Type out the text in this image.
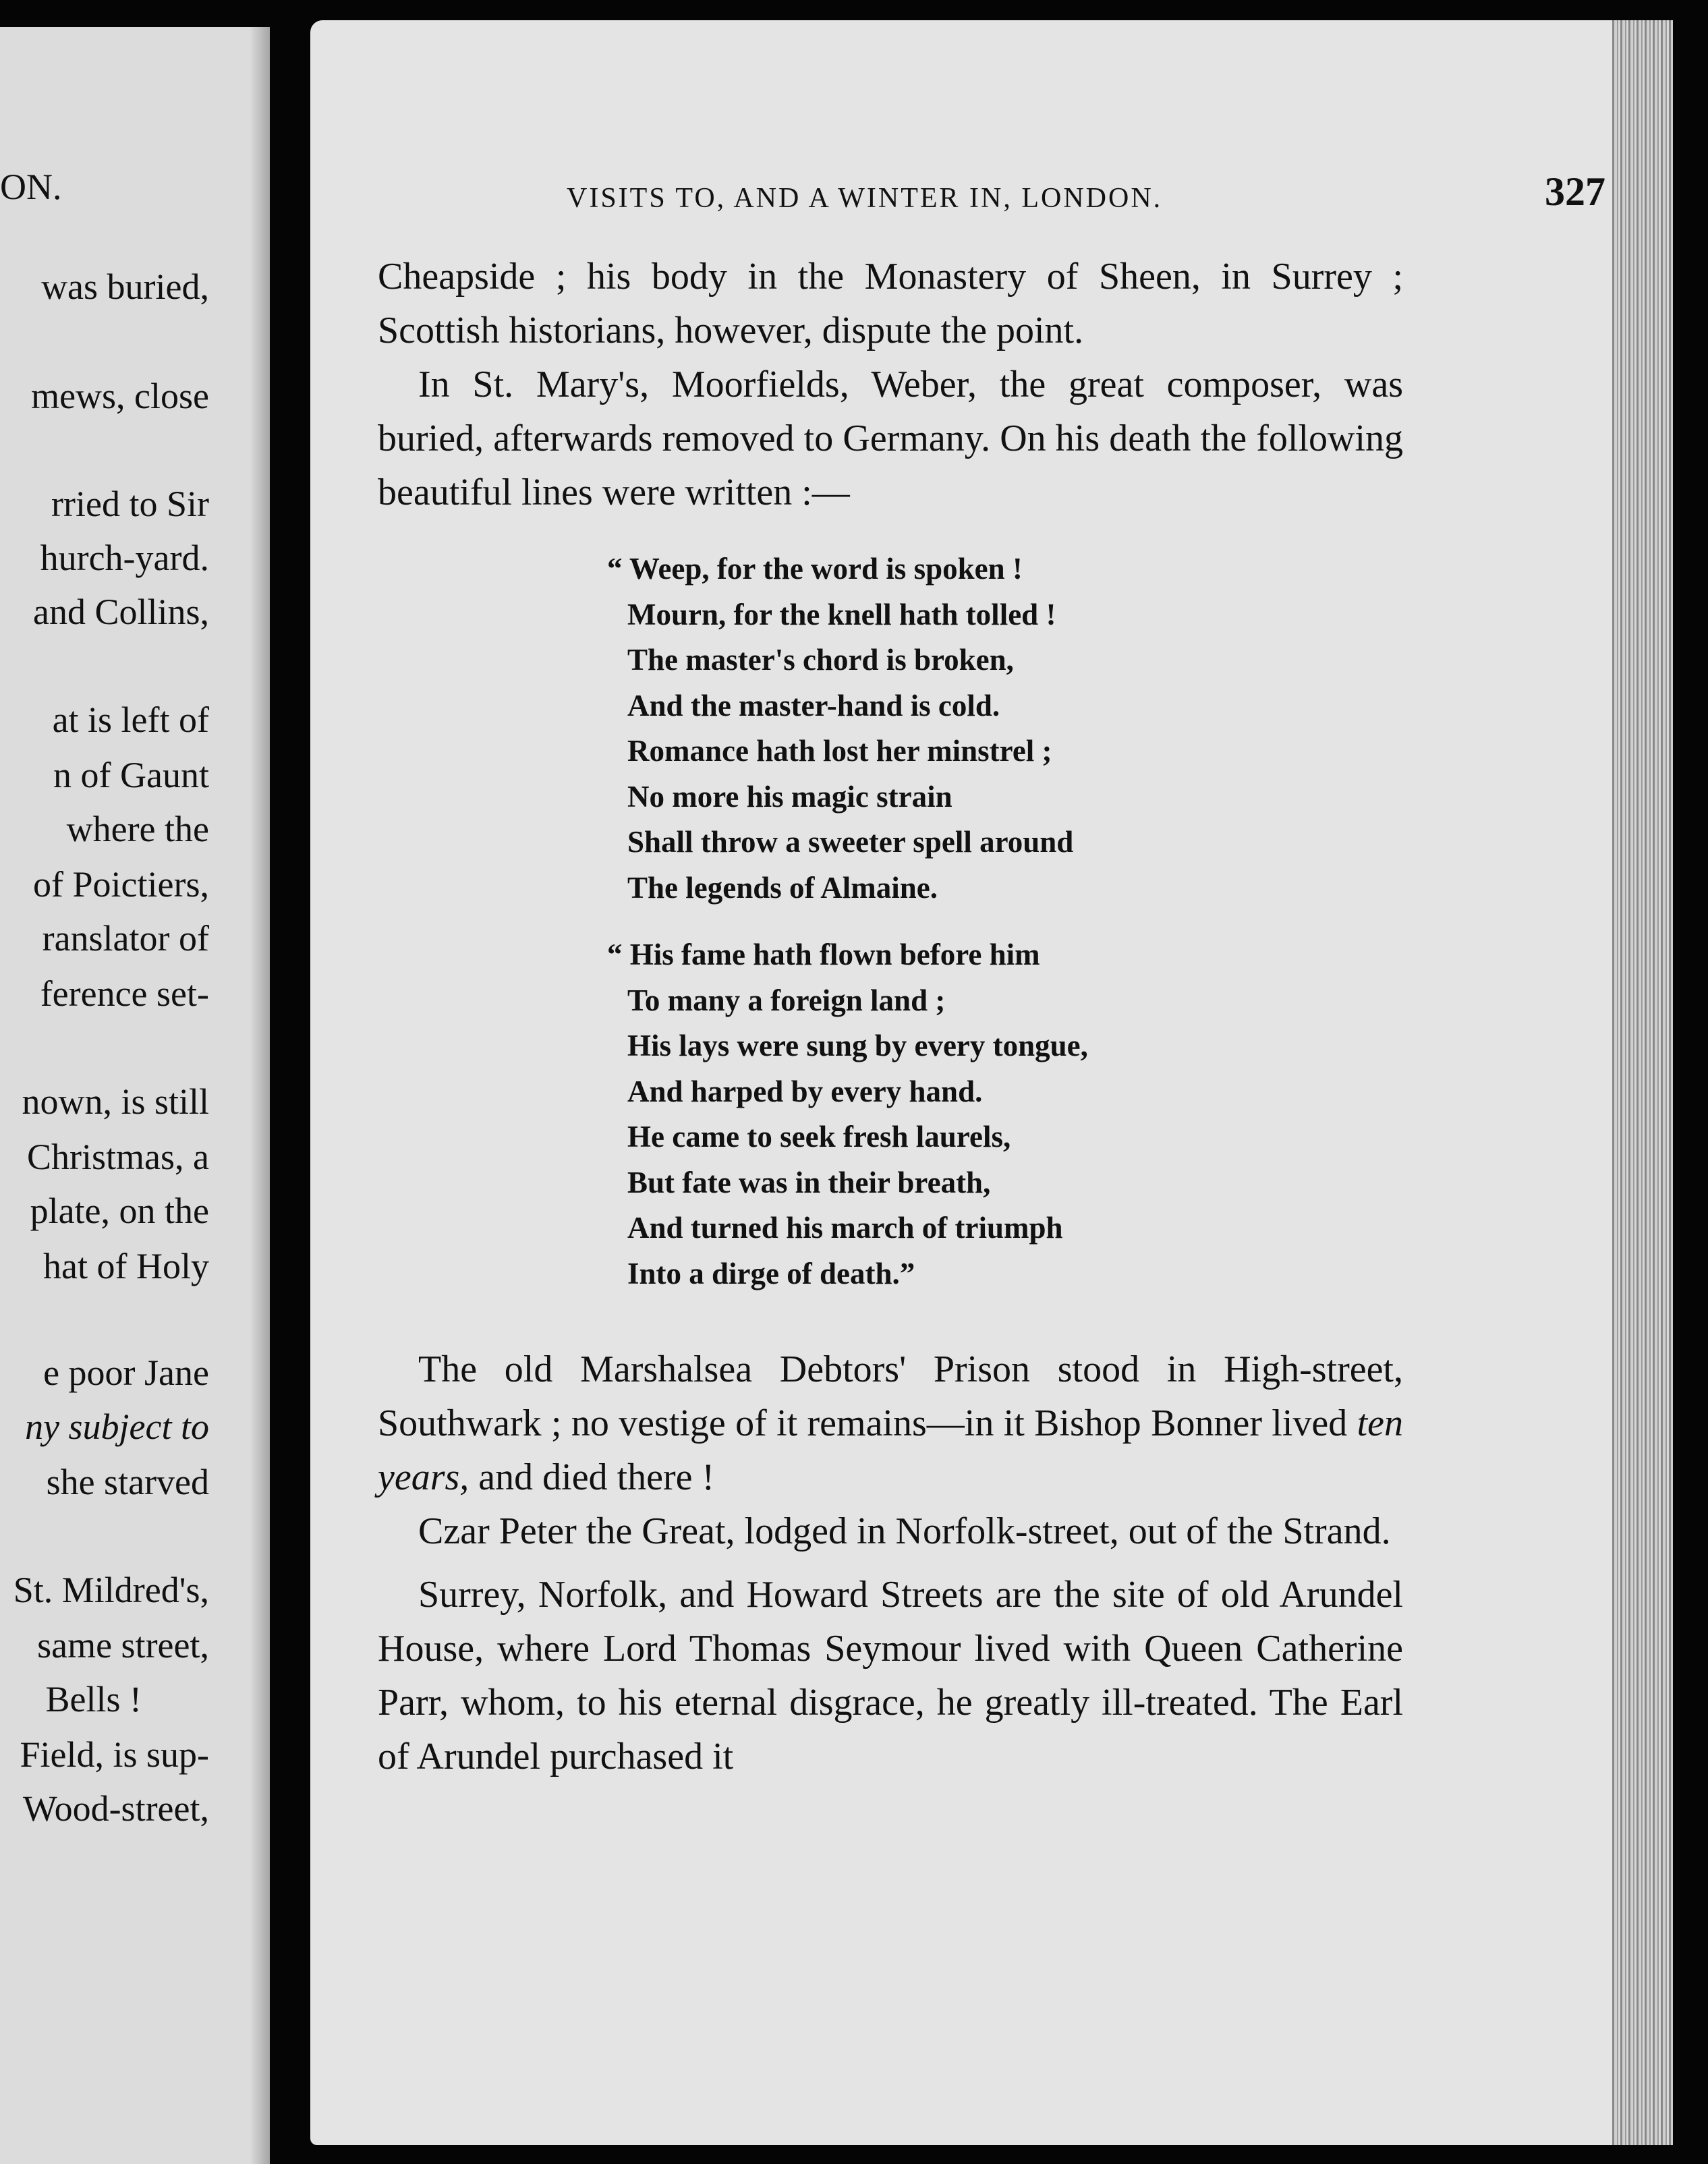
ON.
was buried,
mews, close
rried to Sir
hurch-yard.
and Collins,
at is left of
n of Gaunt
where the
of Poictiers,
ranslator of
ference set-
nown, is still
Christmas, a
plate, on the
hat of Holy
e poor Jane
ny subject to
she starved
St. Mildred's,
same street,
Bells !
Field, is sup-
Wood-street,
VISITS TO, AND A WINTER IN, LONDON.	327

Cheapside ; his body in the Monastery of Sheen, in Surrey ; Scottish historians, however, dispute the point.

In St. Mary's, Moorfields, Weber, the great composer, was buried, afterwards removed to Germany. On his death the following beautiful lines were written :—

“ Weep, for the word is spoken !
Mourn, for the knell hath tolled !
The master's chord is broken,
And the master-hand is cold.
Romance hath lost her minstrel ;
No more his magic strain
Shall throw a sweeter spell around
The legends of Almaine.
“ His fame hath flown before him
To many a foreign land ;
His lays were sung by every tongue,
And harped by every hand.
He came to seek fresh laurels,
But fate was in their breath,
And turned his march of triumph
Into a dirge of death.”

The old Marshalsea Debtors' Prison stood in High-street, Southwark ; no vestige of it remains—in it Bishop Bonner lived ten years, and died there !

Czar Peter the Great, lodged in Norfolk-street, out of the Strand.

Surrey, Norfolk, and Howard Streets are the site of old Arundel House, where Lord Thomas Seymour lived with Queen Catherine Parr, whom, to his eternal disgrace, he greatly ill-treated. The Earl of Arundel purchased it
